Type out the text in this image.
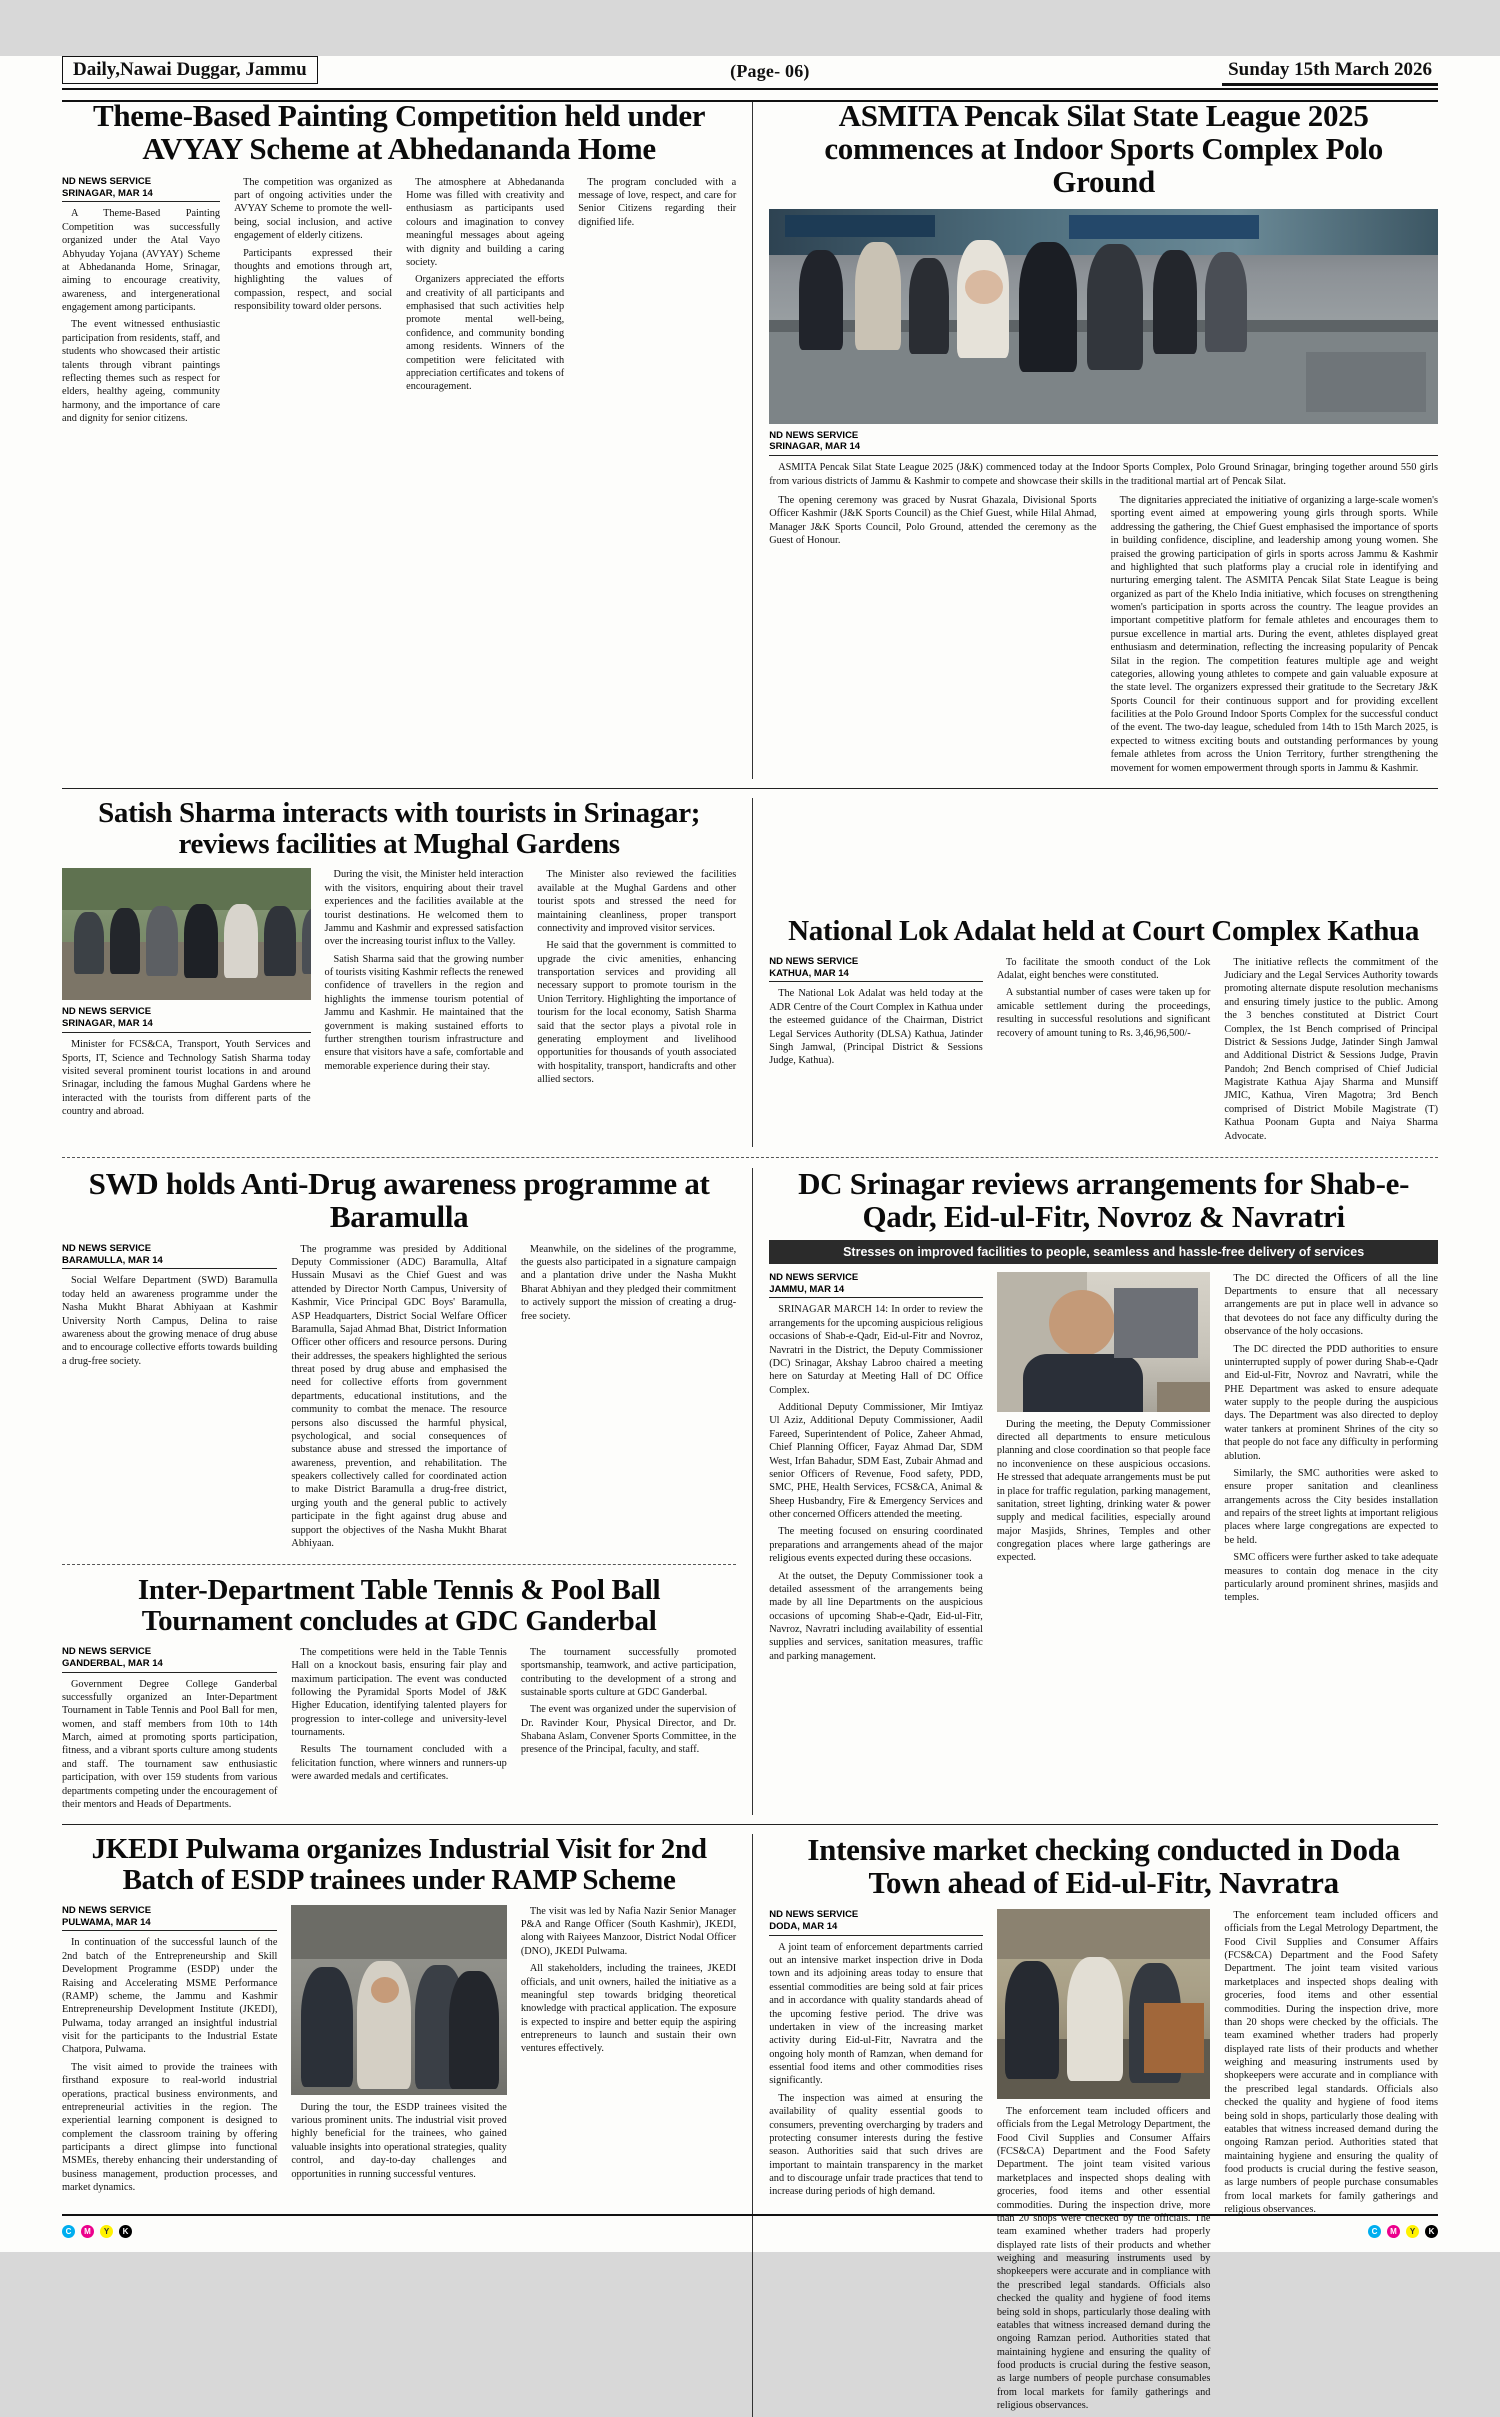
Daily,Nawai Duggar, Jammu	(Page- 06)	Sunday 15th March 2026
Theme-Based Painting Competition held under AVYAY Scheme at Abhedananda Home
ND NEWS SERVICE
SRINAGAR, MAR 14

A Theme-Based Painting Competition was successfully organized under the Atal Vayo Abhyuday Yojana (AVYAY) Scheme at Abhedananda Home, Srinagar, aiming to encourage creativity, awareness, and intergenerational engagement among participants.

The event witnessed enthusiastic participation from residents, staff, and students who showcased their artistic talents through vibrant paintings reflecting themes such as respect for elders, healthy ageing, community harmony, and the importance of care and dignity for senior citizens.

The competition was organized as part of ongoing activities under the AVYAY Scheme to promote the well-being, social inclusion, and active engagement of elderly citizens.

Participants expressed their thoughts and emotions through art, highlighting the values of compassion, respect, and social responsibility toward older persons.

The atmosphere at Abhedananda Home was filled with creativity and enthusiasm as participants used colours and imagination to convey meaningful messages about ageing with dignity and building a caring society.

Organizers appreciated the efforts and creativity of all participants and emphasised that such activities help promote mental well-being, confidence, and community bonding among residents. Winners of the competition were felicitated with appreciation certificates and tokens of encouragement.

The program concluded with a message of love, respect, and care for Senior Citizens regarding their dignified life.

ASMITA Pencak Silat State League 2025 commences at Indoor Sports Complex Polo Ground
ND NEWS SERVICE
SRINAGAR, MAR 14

ASMITA Pencak Silat State League 2025 (J&K) commenced today at the Indoor Sports Complex, Polo Ground Srinagar, bringing together around 550 girls from various districts of Jammu & Kashmir to compete and showcase their skills in the traditional martial art of Pencak Silat.

The opening ceremony was graced by Nusrat Ghazala, Divisional Sports Officer Kashmir (J&K Sports Council) as the Chief Guest, while Hilal Ahmad, Manager J&K Sports Council, Polo Ground, attended the ceremony as the Guest of Honour.

The dignitaries appreciated the initiative of organizing a large-scale women's sporting event aimed at empowering young girls through sports. While addressing the gathering, the Chief Guest emphasised the importance of sports in building confidence, discipline, and leadership among young women. She praised the growing participation of girls in sports across Jammu & Kashmir and highlighted that such platforms play a crucial role in identifying and nurturing emerging talent. The ASMITA Pencak Silat State League is being organized as part of the Khelo India initiative, which focuses on strengthening women's participation in sports across the country. The league provides an important competitive platform for female athletes and encourages them to pursue excellence in martial arts. During the event, athletes displayed great enthusiasm and determination, reflecting the increasing popularity of Pencak Silat in the region. The competition features multiple age and weight categories, allowing young athletes to compete and gain valuable exposure at the state level. The organizers expressed their gratitude to the Secretary J&K Sports Council for their continuous support and for providing excellent facilities at the Polo Ground Indoor Sports Complex for the successful conduct of the event. The two-day league, scheduled from 14th to 15th March 2025, is expected to witness exciting bouts and outstanding performances by young female athletes from across the Union Territory, further strengthening the movement for women empowerment through sports in Jammu & Kashmir.

Satish Sharma interacts with tourists in Srinagar; reviews facilities at Mughal Gardens
ND NEWS SERVICE
SRINAGAR, MAR 14

Minister for FCS&CA, Transport, Youth Services and Sports, IT, Science and Technology Satish Sharma today visited several prominent tourist locations in and around Srinagar, including the famous Mughal Gardens where he interacted with the tourists from different parts of the country and abroad.

During the visit, the Minister held interaction with the visitors, enquiring about their travel experiences and the facilities available at the tourist destinations. He welcomed them to Jammu and Kashmir and expressed satisfaction over the increasing tourist influx to the Valley.

Satish Sharma said that the growing number of tourists visiting Kashmir reflects the renewed confidence of travellers in the region and highlights the immense tourism potential of Jammu and Kashmir. He maintained that the government is making sustained efforts to further strengthen tourism infrastructure and ensure that visitors have a safe, comfortable and memorable experience during their stay.

The Minister also reviewed the facilities available at the Mughal Gardens and other tourist spots and stressed the need for maintaining cleanliness, proper transport connectivity and improved visitor services.

He said that the government is committed to upgrade the civic amenities, enhancing transportation services and providing all necessary support to promote tourism in the Union Territory. Highlighting the importance of tourism for the local economy, Satish Sharma said that the sector plays a pivotal role in generating employment and livelihood opportunities for thousands of youth associated with hospitality, transport, handicrafts and other allied sectors.

National Lok Adalat held at Court Complex Kathua
ND NEWS SERVICE
KATHUA, MAR 14

The National Lok Adalat was held today at the ADR Centre of the Court Complex in Kathua under the esteemed guidance of the Chairman, District Legal Services Authority (DLSA) Kathua, Jatinder Singh Jamwal, (Principal District & Sessions Judge, Kathua).

To facilitate the smooth conduct of the Lok Adalat, eight benches were constituted.

A substantial number of cases were taken up for amicable settlement during the proceedings, resulting in successful resolutions and significant recovery of amount tuning to Rs. 3,46,96,500/-

The initiative reflects the commitment of the Judiciary and the Legal Services Authority towards promoting alternate dispute resolution mechanisms and ensuring timely justice to the public. Among the 3 benches constituted at District Court Complex, the 1st Bench comprised of Principal District & Sessions Judge, Jatinder Singh Jamwal and Additional District & Sessions Judge, Pravin Pandoh; 2nd Bench comprised of Chief Judicial Magistrate Kathua Ajay Sharma and Munsiff JMIC, Kathua, Viren Magotra; 3rd Bench comprised of District Mobile Magistrate (T) Kathua Poonam Gupta and Naiya Sharma Advocate.

SWD holds Anti-Drug awareness programme at Baramulla
ND NEWS SERVICE
BARAMULLA, MAR 14

Social Welfare Department (SWD) Baramulla today held an awareness programme under the Nasha Mukht Bharat Abhiyaan at Kashmir University North Campus, Delina to raise awareness about the growing menace of drug abuse and to encourage collective efforts towards building a drug-free society.

The programme was presided by Additional Deputy Commissioner (ADC) Baramulla, Altaf Hussain Musavi as the Chief Guest and was attended by Director North Campus, University of Kashmir, Vice Principal GDC Boys' Baramulla, ASP Headquarters, District Social Welfare Officer Baramulla, Sajad Ahmad Bhat, District Information Officer other officers and resource persons. During their addresses, the speakers highlighted the serious threat posed by drug abuse and emphasised the need for collective efforts from government departments, educational institutions, and the community to combat the menace. The resource persons also discussed the harmful physical, psychological, and social consequences of substance abuse and stressed the importance of awareness, prevention, and rehabilitation. The speakers collectively called for coordinated action to make District Baramulla a drug-free district, urging youth and the general public to actively participate in the fight against drug abuse and support the objectives of the Nasha Mukht Bharat Abhiyaan.

Meanwhile, on the sidelines of the programme, the guests also participated in a signature campaign and a plantation drive under the Nasha Mukht Bharat Abhiyan and they pledged their commitment to actively support the mission of creating a drug-free society.

Inter-Department Table Tennis & Pool Ball Tournament concludes at GDC Ganderbal
ND NEWS SERVICE
GANDERBAL, MAR 14

Government Degree College Ganderbal successfully organized an Inter-Department Tournament in Table Tennis and Pool Ball for men, women, and staff members from 10th to 14th March, aimed at promoting sports participation, fitness, and a vibrant sports culture among students and staff. The tournament saw enthusiastic participation, with over 159 students from various departments competing under the encouragement of their mentors and Heads of Departments.

The competitions were held in the Table Tennis Hall on a knockout basis, ensuring fair play and maximum participation. The event was conducted following the Pyramidal Sports Model of J&K Higher Education, identifying talented players for progression to inter-college and university-level tournaments.

Results The tournament concluded with a felicitation function, where winners and runners-up were awarded medals and certificates.

The tournament successfully promoted sportsmanship, teamwork, and active participation, contributing to the development of a strong and sustainable sports culture at GDC Ganderbal.

The event was organized under the supervision of Dr. Ravinder Kour, Physical Director, and Dr. Shabana Aslam, Convener Sports Committee, in the presence of the Principal, faculty, and staff.

DC Srinagar reviews arrangements for Shab-e-Qadr, Eid-ul-Fitr, Novroz & Navratri
Stresses on improved facilities to people, seamless and hassle-free delivery of services
ND NEWS SERVICE
JAMMU, MAR 14

SRINAGAR MARCH 14: In order to review the arrangements for the upcoming auspicious religious occasions of Shab-e-Qadr, Eid-ul-Fitr and Novroz, Navratri in the District, the Deputy Commissioner (DC) Srinagar, Akshay Labroo chaired a meeting here on Saturday at Meeting Hall of DC Office Complex.

Additional Deputy Commissioner, Mir Imtiyaz Ul Aziz, Additional Deputy Commissioner, Aadil Fareed, Superintendent of Police, Zaheer Ahmad, Chief Planning Officer, Fayaz Ahmad Dar, SDM West, Irfan Bahadur, SDM East, Zubair Ahmad and senior Officers of Revenue, Food safety, PDD, SMC, PHE, Health Services, FCS&CA, Animal & Sheep Husbandry, Fire & Emergency Services and other concerned Officers attended the meeting.

The meeting focused on ensuring coordinated preparations and arrangements ahead of the major religious events expected during these occasions.

At the outset, the Deputy Commissioner took a detailed assessment of the arrangements being made by all line Departments on the auspicious occasions of upcoming Shab-e-Qadr, Eid-ul-Fitr, Navroz, Navratri including availability of essential supplies and services, sanitation measures, traffic and parking management.

During the meeting, the Deputy Commissioner directed all departments to ensure meticulous planning and close coordination so that people face no inconvenience on these auspicious occasions. He stressed that adequate arrangements must be put in place for traffic regulation, parking management, sanitation, street lighting, drinking water & power supply and medical facilities, especially around major Masjids, Shrines, Temples and other congregation places where large gatherings are expected.

The DC directed the Officers of all the line Departments to ensure that all necessary arrangements are put in place well in advance so that devotees do not face any difficulty during the observance of the holy occasions.

The DC directed the PDD authorities to ensure uninterrupted supply of power during Shab-e-Qadr and Eid-ul-Fitr, Novroz and Navratri, while the PHE Department was asked to ensure adequate water supply to the people during the auspicious days. The Department was also directed to deploy water tankers at prominent Shrines of the city so that people do not face any difficulty in performing ablution.

Similarly, the SMC authorities were asked to ensure proper sanitation and cleanliness arrangements across the City besides installation and repairs of the street lights at important religious places where large congregations are expected to be held.

SMC officers were further asked to take adequate measures to contain dog menace in the city particularly around prominent shrines, masjids and temples.

JKEDI Pulwama organizes Industrial Visit for 2nd Batch of ESDP trainees under RAMP Scheme
ND NEWS SERVICE
PULWAMA, MAR 14

In continuation of the successful launch of the 2nd batch of the Entrepreneurship and Skill Development Programme (ESDP) under the Raising and Accelerating MSME Performance (RAMP) scheme, the Jammu and Kashmir Entrepreneurship Development Institute (JKEDI), Pulwama, today arranged an insightful industrial visit for the participants to the Industrial Estate Chatpora, Pulwama.

The visit aimed to provide the trainees with firsthand exposure to real-world industrial operations, practical business environments, and entrepreneurial activities in the region. The experiential learning component is designed to complement the classroom training by offering participants a direct glimpse into functional MSMEs, thereby enhancing their understanding of business management, production processes, and market dynamics.

During the tour, the ESDP trainees visited the various prominent units. The industrial visit proved highly beneficial for the trainees, who gained valuable insights into operational strategies, quality control, and day-to-day challenges and opportunities in running successful ventures.

The visit was led by Nafia Nazir Senior Manager P&A and Range Officer (South Kashmir), JKEDI, along with Raiyees Manzoor, District Nodal Officer (DNO), JKEDI Pulwama.

All stakeholders, including the trainees, JKEDI officials, and unit owners, hailed the initiative as a meaningful step towards bridging theoretical knowledge with practical application. The exposure is expected to inspire and better equip the aspiring entrepreneurs to launch and sustain their own ventures effectively.

Intensive market checking conducted in Doda Town ahead of Eid-ul-Fitr, Navratra
ND NEWS SERVICE
DODA, MAR 14

A joint team of enforcement departments carried out an intensive market inspection drive in Doda town and its adjoining areas today to ensure that essential commodities are being sold at fair prices and in accordance with quality standards ahead of the upcoming festive period. The drive was undertaken in view of the increasing market activity during Eid-ul-Fitr, Navratra and the ongoing holy month of Ramzan, when demand for essential food items and other commodities rises significantly.

The inspection was aimed at ensuring the availability of quality essential goods to consumers, preventing overcharging by traders and protecting consumer interests during the festive season. Authorities said that such drives are important to maintain transparency in the market and to discourage unfair trade practices that tend to increase during periods of high demand.

The enforcement team included officers and officials from the Legal Metrology Department, the Food Civil Supplies and Consumer Affairs (FCS&CA) Department and the Food Safety Department. The joint team visited various marketplaces and inspected shops dealing with groceries, food items and other essential commodities. During the inspection drive, more than 20 shops were checked by the officials. The team examined whether traders had properly displayed rate lists of their products and whether weighing and measuring instruments used by shopkeepers were accurate and in compliance with the prescribed legal standards. Officials also checked the quality and hygiene of food items being sold in shops, particularly those dealing with eatables that witness increased demand during the ongoing Ramzan period. Authorities stated that maintaining hygiene and ensuring the quality of food products is crucial during the festive season, as large numbers of people purchase consumables from local markets for family gatherings and religious observances.

The enforcement team included officers and officials from the Legal Metrology Department, the Food Civil Supplies and Consumer Affairs (FCS&CA) Department and the Food Safety Department. The joint team visited various marketplaces and inspected shops dealing with groceries, food items and other essential commodities. During the inspection drive, more than 20 shops were checked by the officials. The team examined whether traders had properly displayed rate lists of their products and whether weighing and measuring instruments used by shopkeepers were accurate and in compliance with the prescribed legal standards. Officials also checked the quality and hygiene of food items being sold in shops, particularly those dealing with eatables that witness increased demand during the ongoing Ramzan period. Authorities stated that maintaining hygiene and ensuring the quality of food products is crucial during the festive season, as large numbers of people purchase consumables from local markets for family gatherings and religious observances.

C	M	Y	K	C	M	Y	K
